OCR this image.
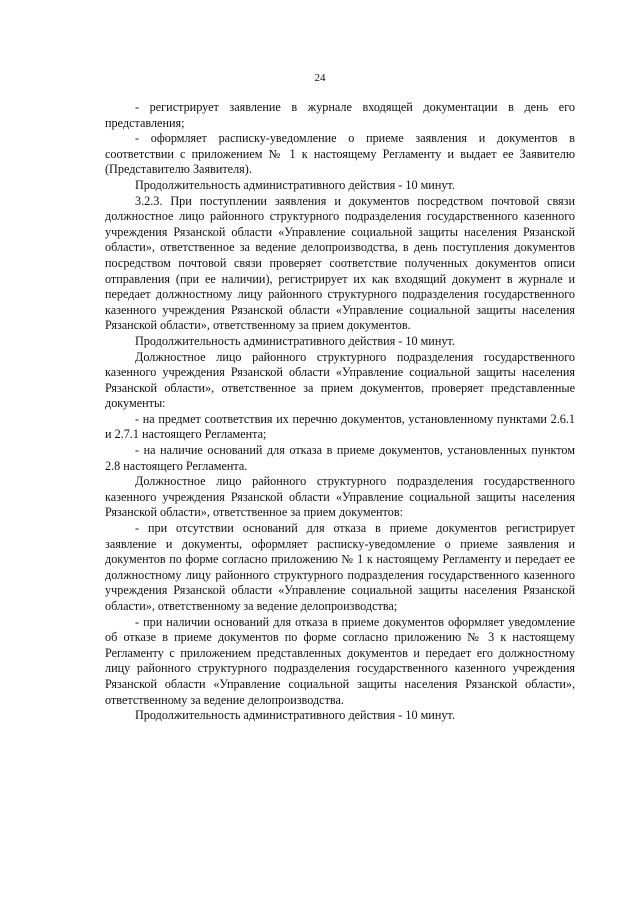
24

- регистрирует заявление в журнале входящей документации в день его представления;

- оформляет расписку-уведомление о приеме заявления и документов в соответствии с приложением № 1 к настоящему Регламенту и выдает ее Заявителю (Представителю Заявителя).

Продолжительность административного действия - 10 минут.

3.2.3. При поступлении заявления и документов посредством почтовой связи должностное лицо районного структурного подразделения государственного казенного учреждения Рязанской области «Управление социальной защиты населения Рязанской области», ответственное за ведение делопроизводства, в день поступления документов посредством почтовой связи проверяет соответствие полученных документов описи отправления (при ее наличии), регистрирует их как входящий документ в журнале и передает должностному лицу районного структурного подразделения государственного казенного учреждения Рязанской области «Управление социальной защиты населения Рязанской области», ответственному за прием документов.

Продолжительность административного действия - 10 минут.

Должностное лицо районного структурного подразделения государственного казенного учреждения Рязанской области «Управление социальной защиты населения Рязанской области», ответственное за прием документов, проверяет представленные документы:

- на предмет соответствия их перечню документов, установленному пунктами 2.6.1 и 2.7.1 настоящего Регламента;

- на наличие оснований для отказа в приеме документов, установленных пунктом 2.8 настоящего Регламента.

Должностное лицо районного структурного подразделения государственного казенного учреждения Рязанской области «Управление социальной защиты населения Рязанской области», ответственное за прием документов:

- при отсутствии оснований для отказа в приеме документов регистрирует заявление и документы, оформляет расписку-уведомление о приеме заявления и документов по форме согласно приложению № 1 к настоящему Регламенту и передает ее должностному лицу районного структурного подразделения государственного казенного учреждения Рязанской области «Управление социальной защиты населения Рязанской области», ответственному за ведение делопроизводства;

- при наличии оснований для отказа в приеме документов оформляет уведомление об отказе в приеме документов по форме согласно приложению № 3 к настоящему Регламенту с приложением представленных документов и передает его должностному лицу районного структурного подразделения государственного казенного учреждения Рязанской области «Управление социальной защиты населения Рязанской области», ответственному за ведение делопроизводства.

Продолжительность административного действия - 10 минут.
